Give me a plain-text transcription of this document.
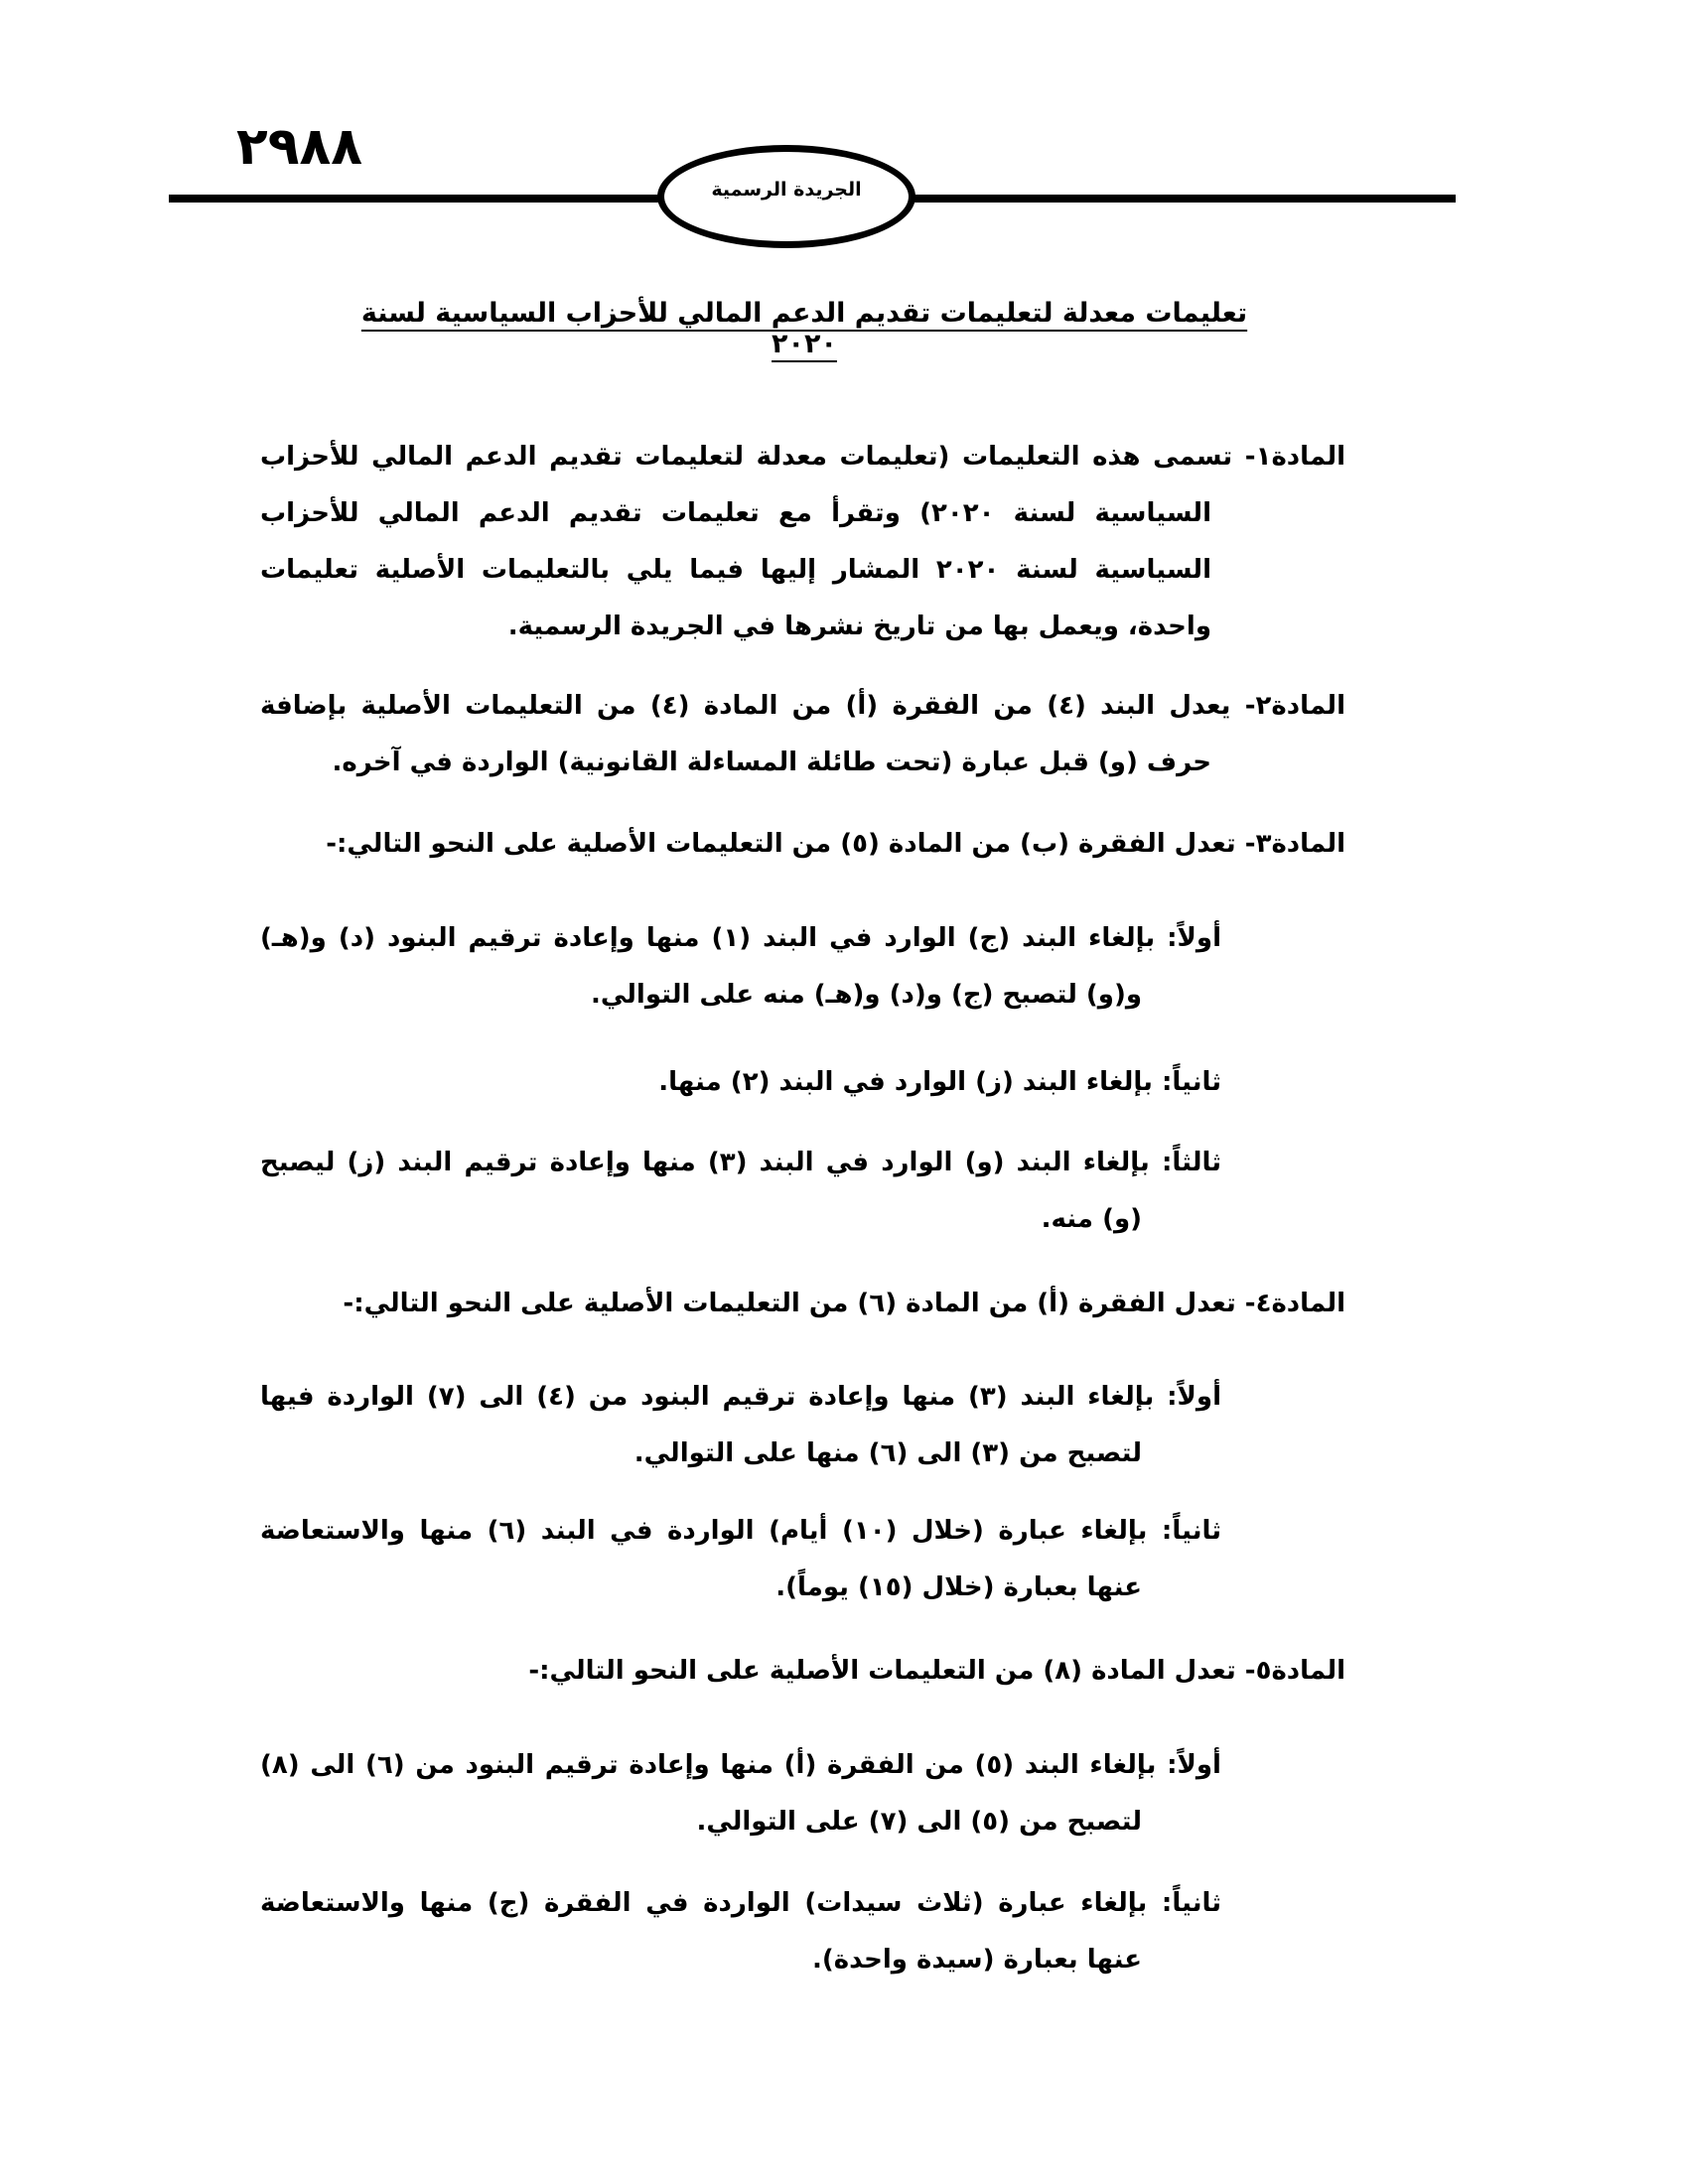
٢٩٨٨
الجريدة الرسمية
تعليمات معدلة لتعليمات تقديم الدعم المالي للأحزاب السياسية لسنة ٢٠٢٠
المادة١- تسمى هذه التعليمات (تعليمات معدلة لتعليمات تقديم الدعم المالي للأحزاب السياسية لسنة ٢٠٢٠) وتقرأ مع تعليمات تقديم الدعم المالي للأحزاب السياسية لسنة ٢٠٢٠ المشار إليها فيما يلي بالتعليمات الأصلية تعليمات واحدة، ويعمل بها من تاريخ نشرها في الجريدة الرسمية.
المادة٢- يعدل البند (٤) من الفقرة (أ) من المادة (٤) من التعليمات الأصلية بإضافة حرف (و) قبل عبارة (تحت طائلة المساءلة القانونية) الواردة في آخره.
المادة٣- تعدل الفقرة (ب) من المادة (٥) من التعليمات الأصلية على النحو التالي:-
أولاً: بإلغاء البند (ج) الوارد في البند (١) منها وإعادة ترقيم البنود (د) و(هـ) و(و) لتصبح (ج) و(د) و(هـ) منه على التوالي.
ثانياً: بإلغاء البند (ز) الوارد في البند (٢) منها.
ثالثاً: بإلغاء البند (و) الوارد في البند (٣) منها وإعادة ترقيم البند (ز) ليصبح (و) منه.
المادة٤- تعدل الفقرة (أ) من المادة (٦) من التعليمات الأصلية على النحو التالي:-
أولاً: بإلغاء البند (٣) منها وإعادة ترقيم البنود من (٤) الى (٧) الواردة فيها لتصبح من (٣) الى (٦) منها على التوالي.
ثانياً: بإلغاء عبارة (خلال (١٠) أيام) الواردة في البند (٦) منها والاستعاضة عنها بعبارة (خلال (١٥) يوماً).
المادة٥- تعدل المادة (٨) من التعليمات الأصلية على النحو التالي:-
أولاً: بإلغاء البند (٥) من الفقرة (أ) منها وإعادة ترقيم البنود من (٦) الى (٨) لتصبح من (٥) الى (٧) على التوالي.
ثانياً: بإلغاء عبارة (ثلاث سيدات) الواردة في الفقرة (ج) منها والاستعاضة عنها بعبارة (سيدة واحدة).
